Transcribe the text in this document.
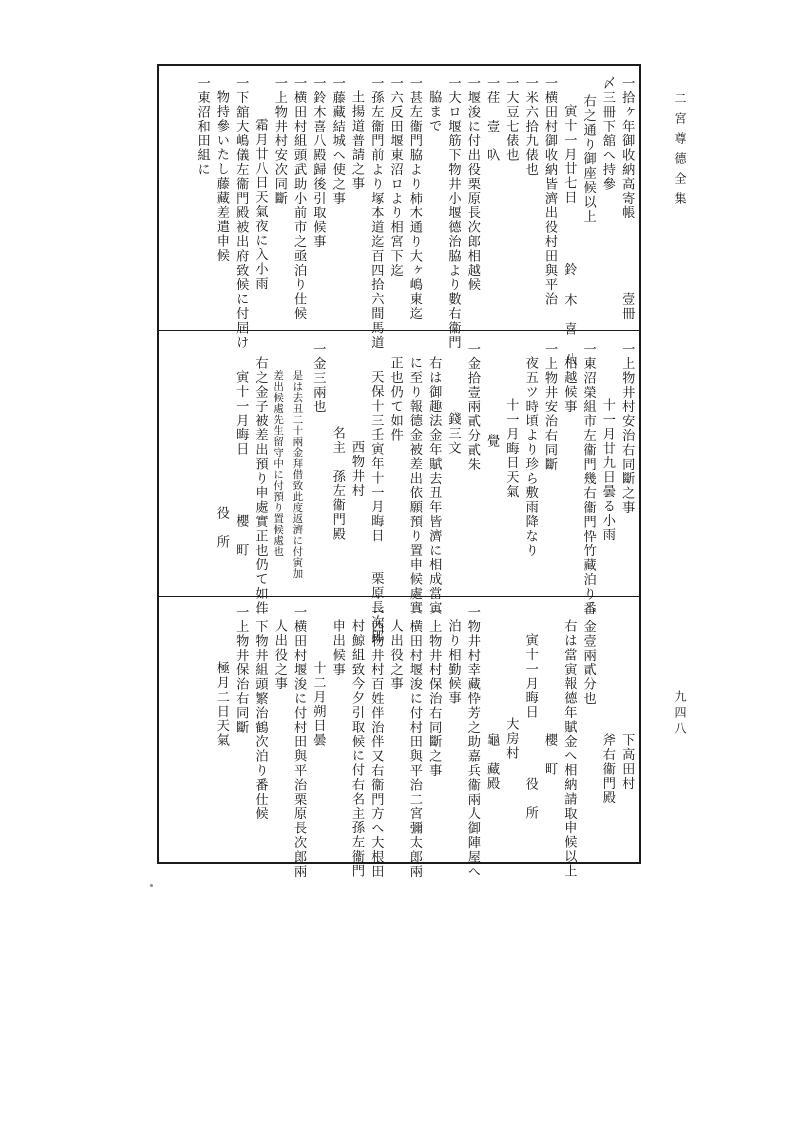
二宮尊德全集
九四八
一拾ヶ年御收納高寄帳　　　　　壹冊
〆三冊下舘へ持參
右之通り御座候以上
寅十一月廿七日　　　　鈴 木　喜 八
一横田村御收納皆濟出役村田與平治
一米六拾九俵也
一大豆七俵也
一荏　壹　叺
一堰浚に付出役栗原長次郎相越候
一大ロ堰筋下物井小堰德治脇より數右衞門
脇まで
一甚左衞門脇より柿木通り大ヶ嶋東迄
一六反田堰東沼ロより相宮下迄
一孫左衞門前より塚本道迄百四拾六間馬道
土揚道普請之事
一藤藏結城へ使之事
一鈴木喜八殿歸後引取候事
一横田村組頭武助小前市之亟泊り仕候
一上物井村安次同斷
霜月廿八日天氣夜に入小雨
一下舘大嶋儀左衞門殿被出府致候に付屆け
物持參いたし藤藏差遣申候
一東沼和田組に
一上物井村安治右同斷之事
十一月廿九日曇る小雨
一東沼榮組市左衞門幾右衞門忰竹藏泊り番
相越候事
一上物井安治右同斷
夜五ツ時頃より珍ら敷雨降なり
十一月晦日天氣
覺
一金拾壹兩貳分貳朱
錢三文
右は御趣法金年賦去丑年皆濟に相成當寅
に至り報德金被差出依願預り置申候處實
正也仍て如件
天保十三壬寅年十一月晦日　　栗原長次郎
西物井村
名主　孫左衞門殿
一金三兩也
是は去丑二十兩金拜借致此度返濟に付寅加
差出候處先生留守中に付預り置候處也
右之金子被差出預り申處實正也仍て如件
寅十一月晦日　　　　櫻　町
役　所
下高田村
斧右衞門殿
一金壹兩貳分也
右は當寅報德年賦金へ相納請取申候以上
櫻　町
寅十一月晦日　　　　役　所
大房村
龜　藏殿
一物井村幸藏忰芳之助嘉兵衞兩人御陣屋へ
泊り相勤候事
一上物井村保治右同斷之事
一横田村堰浚に付村田與平治二宮彌太郎兩
人出役之事
一西物井村百姓伴治伴又右衞門方へ大根田
村鯨組致今夕引取候に付右名主孫左衞門
申出候事
十二月朔日曇
一横田村堰浚に付村田與平治栗原長次郎兩
人出役之事
一下物井組頭繁治鶴次泊り番仕候
一上物井保治右同斷
極月二日天氣
